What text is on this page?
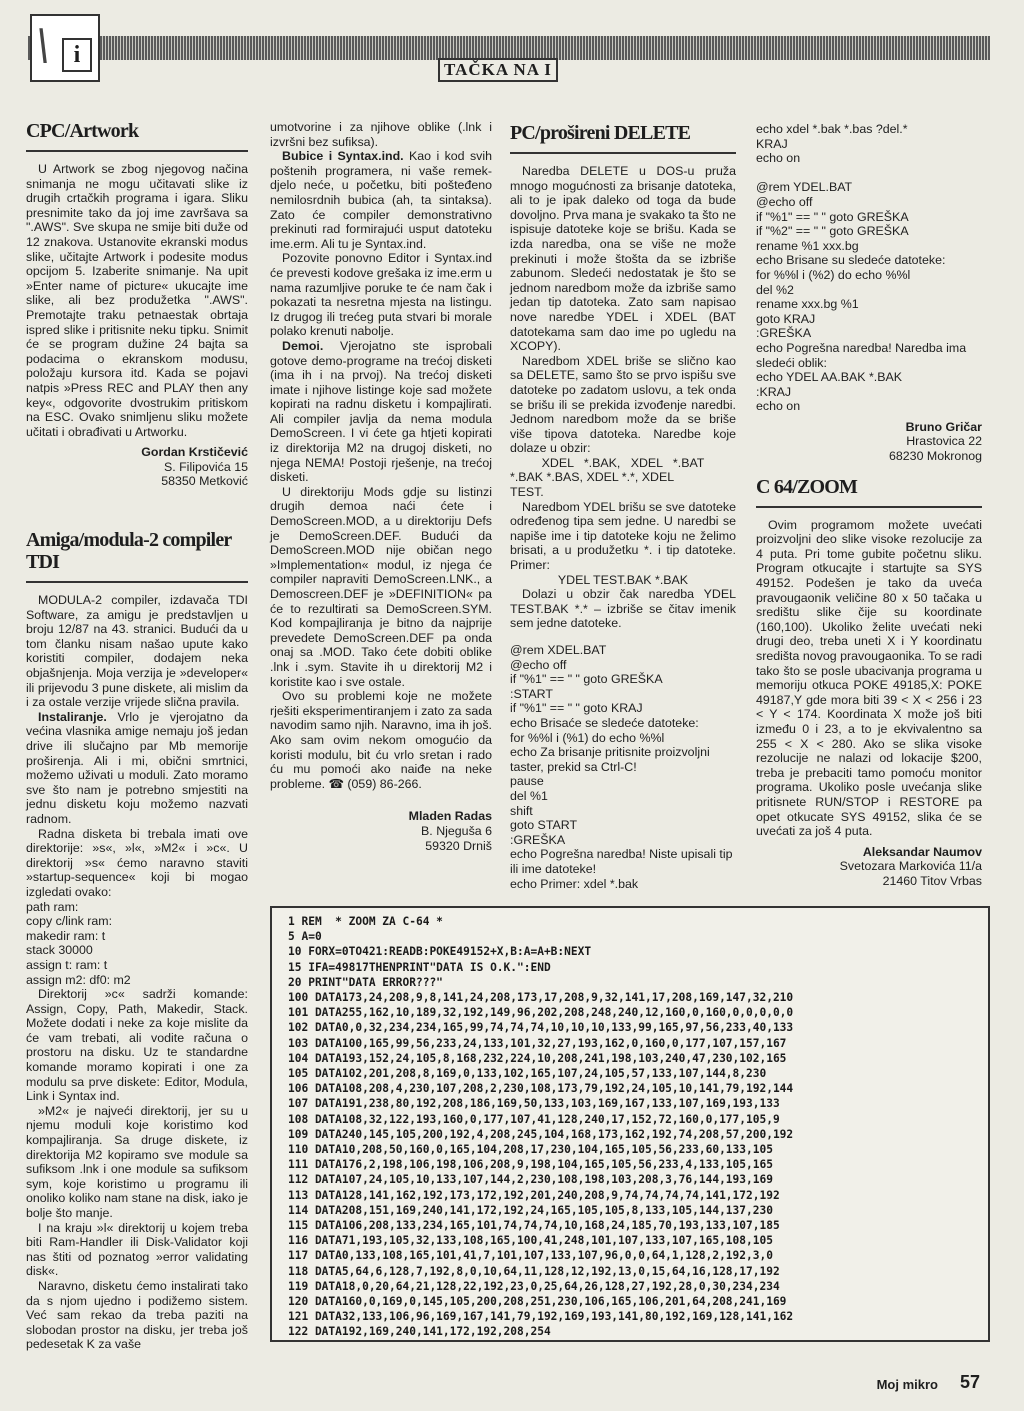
\ i
TAČKA NA I
CPC/Artwork

U Artwork se zbog njegovog načina snimanja ne mogu učitavati slike iz drugih crtačkih programa i igara. Sliku presnimite tako da joj ime završava sa ".AWS". Sve skupa ne smije biti duže od 12 znakova. Ustanovite ekranski modus slike, učitajte Artwork i podesite modus opcijom 5. Izaberite snimanje. Na upit »Enter name of picture« ukucajte ime slike, ali bez produžetka ".AWS". Premotajte traku petnaestak obrtaja ispred slike i pritisnite neku tipku. Snimit će se program dužine 24 bajta sa podacima o ekranskom modusu, položaju kursora itd. Kada se pojavi natpis »Press REC and PLAY then any key«, odgovorite dvostrukim pritiskom na ESC. Ovako snimljenu sliku možete učitati i obrađivati u Artworku.

Gordan Krstičević
S. Filipovića 15
58350 Metković
Amiga/modula-2 compiler TDI

MODULA-2 compiler, izdavača TDI Software, za amigu je predstavljen u broju 12/87 na 43. stranici. Budući da u tom članku nisam našao upute kako koristiti compiler, dodajem neka objašnjenja. Moja verzija je »developer« ili prijevodu 3 pune diskete, ali mislim da i za ostale verzije vrijede slična pravila.

Instaliranje. Vrlo je vjerojatno da većina vlasnika amige nemaju još jedan drive ili slučajno par Mb memorije proširenja. Ali i mi, obični smrtnici, možemo uživati u moduli. Zato moramo sve što nam je potrebno smjestiti na jednu disketu koju možemo nazvati radnom.

Radna disketa bi trebala imati ove direktorije: »s«, »l«, »M2« i »c«. U direktorij »s« ćemo naravno staviti »startup-sequence« koji bi mogao izgledati ovako:

path ram:
copy c/link ram:
makedir ram: t
stack 30000
assign t: ram: t
assign m2: df0: m2

Direktorij »c« sadrži komande: Assign, Copy, Path, Makedir, Stack. Možete dodati i neke za koje mislite da će vam trebati, ali vodite računa o prostoru na disku. Uz te standardne komande moramo kopirati i one za modulu sa prve diskete: Editor, Modula, Link i Syntax ind.

»M2« je najveći direktorij, jer su u njemu moduli koje koristimo kod kompajliranja. Sa druge diskete, iz direktorija M2 kopiramo sve module sa sufiksom .lnk i one module sa sufiksom sym, koje koristimo u programu ili onoliko koliko nam stane na disk, iako je bolje što manje.

I na kraju »l« direktorij u kojem treba biti Ram-Handler ili Disk-Validator koji nas štiti od poznatog »error validating disk«.

Naravno, disketu ćemo instalirati tako da s njom ujedno i podižemo sistem. Već sam rekao da treba paziti na slobodan prostor na disku, jer treba još pedesetak K za vaše

umotvorine i za njihove oblike (.lnk i izvršni bez sufiksa).

Bubice i Syntax.ind. Kao i kod svih poštenih programera, ni vaše remek-djelo neće, u početku, biti pošteđeno nemilosrdnih bubica (ah, ta sintaksa). Zato će compiler demonstrativno prekinuti rad formirajući usput datoteku ime.erm. Ali tu je Syntax.ind.

Pozovite ponovno Editor i Syntax.ind će prevesti kodove grešaka iz ime.erm u nama razumljive poruke te će nam čak i pokazati ta nesretna mjesta na listingu. Iz drugog ili trećeg puta stvari bi morale polako krenuti nabolje.

Demoi. Vjerojatno ste isprobali gotove demo-programe na trećoj disketi (ima ih i na prvoj). Na trećoj disketi imate i njihove listinge koje sad možete kopirati na radnu disketu i kompajlirati. Ali compiler javlja da nema modula DemoScreen. I vi ćete ga htjeti kopirati iz direktorija M2 na drugoj disketi, no njega NEMA! Postoji rješenje, na trećoj disketi.

U direktoriju Mods gdje su listinzi drugih demoa naći ćete i DemoScreen.MOD, a u direktoriju Defs je DemoScreen.DEF. Budući da DemoScreen.MOD nije običan nego »Implementation« modul, iz njega će compiler napraviti DemoScreen.LNK., a Demoscreen.DEF je »DEFINITION« pa će to rezultirati sa DemoScreen.SYM. Kod kompajliranja je bitno da najprije prevedete DemoScreen.DEF pa onda onaj sa .MOD. Tako ćete dobiti oblike .lnk i .sym. Stavite ih u direktorij M2 i koristite kao i sve ostale.

Ovo su problemi koje ne možete rješiti eksperimentiranjem i zato za sada navodim samo njih. Naravno, ima ih još. Ako sam ovim nekom omogućio da koristi modulu, bit ću vrlo sretan i rado ću mu pomoći ako naiđe na neke probleme. ☎ (059) 86-266.

Mladen Radas
B. Njeguša 6
59320 Drniš
PC/prošireni DELETE

Naredba DELETE u DOS-u pruža mnogo mogućnosti za brisanje datoteka, ali to je ipak daleko od toga da bude dovoljno. Prva mana je svakako ta što ne ispisuje datoteke koje se brišu. Kada se izda naredba, ona se više ne može prekinuti i može štošta da se izbriše zabunom. Sledeći nedostatak je što se jednom naredbom može da izbriše samo jedan tip datoteka. Zato sam napisao nove naredbe YDEL i XDEL (BAT datotekama sam dao ime po ugledu na XCOPY).

Naredbom XDEL briše se slično kao sa DELETE, samo što se prvo ispišu sve datoteke po zadatom uslovu, a tek onda se brišu ili se prekida izvođenje naredbi. Jednom naredbom može da se briše više tipova datoteka. Naredbe koje dolaze u obzir:

XDEL   *.BAK,   XDEL   *.BAT

*.BAK *.BAS, XDEL *.*, XDEL

TEST.

Naredbom YDEL brišu se sve datoteke određenog tipa sem jedne. U naredbi se napiše ime i tip datoteke koju ne želimo brisati, a u produžetku *. i tip datoteke. Primer:

YDEL TEST.BAK *.BAK

Dolazi u obzir čak naredba YDEL TEST.BAK *.* – izbriše se čitav imenik sem jedne datoteke.

@rem XDEL.BAT
@echo off
if "%1" == " " goto GREŠKA
:START
if "%1" == " " goto KRAJ
echo Brisaće se sledeće datoteke:
for %%l i (%1) do echo %%l
echo Za brisanje pritisnite proizvoljni taster, prekid sa Ctrl-C!
pause
del %1
shift
goto START
:GREŠKA
echo Pogrešna naredba! Niste upisali tip ili ime datoteke!
echo Primer: xdel *.bak

echo xdel *.bak *.bas ?del.*
KRAJ
echo on

@rem YDEL.BAT
@echo off
if "%1" == " " goto GREŠKA
if "%2" == " " goto GREŠKA
rename %1 xxx.bg
echo Brisane su sledeće datoteke:
for %%l i (%2) do echo %%l
del %2
rename xxx.bg %1
goto KRAJ
:GREŠKA
echo Pogrešna naredba! Naredba ima sledeći oblik:
echo YDEL AA.BAK *.BAK
:KRAJ
echo on

Bruno Gričar
Hrastovica 22
68230 Mokronog
C 64/ZOOM

Ovim programom možete uvećati proizvoljni deo slike visoke rezolucije za 4 puta. Pri tome gubite početnu sliku. Program otkucajte i startujte sa SYS 49152. Podešen je tako da uveća pravougaonik veličine 80 x 50 tačaka u središtu slike čije su koordinate (160,100). Ukoliko želite uvećati neki drugi deo, treba uneti X i Y koordinatu središta novog pravougaonika. To se radi tako što se posle ubacivanja programa u memoriju otkuca POKE 49185,X: POKE 49187,Y gde mora biti 39 < X < 256 i 23 < Y < 174. Koordinata X može još biti između 0 i 23, a to je ekvivalentno sa 255 < X < 280. Ako se slika visoke rezolucije ne nalazi od lokacije $200, treba je prebaciti tamo pomoću monitor programa. Ukoliko posle uvećanja slike pritisnete RUN/STOP i RESTORE pa opet otkucate SYS 49152, slika će se uvećati za još 4 puta.

Aleksandar Naumov
Svetozara Markovića 11/a
21460 Titov Vrbas
1 REM  * ZOOM ZA C-64 *
5 A=0
10 FORX=0TO421:READB:POKE49152+X,B:A=A+B:NEXT
15 IFA=49817THENPRINT"DATA IS O.K.":END
20 PRINT"DATA ERROR???"
100 DATA173,24,208,9,8,141,24,208,173,17,208,9,32,141,17,208,169,147,32,210
101 DATA255,162,10,189,32,192,149,96,202,208,248,240,12,160,0,160,0,0,0,0,0
102 DATA0,0,32,234,234,165,99,74,74,74,10,10,10,133,99,165,97,56,233,40,133
103 DATA100,165,99,56,233,24,133,101,32,27,193,162,0,160,0,177,107,157,167
104 DATA193,152,24,105,8,168,232,224,10,208,241,198,103,240,47,230,102,165
105 DATA102,201,208,8,169,0,133,102,165,107,24,105,57,133,107,144,8,230
106 DATA108,208,4,230,107,208,2,230,108,173,79,192,24,105,10,141,79,192,144
107 DATA191,238,80,192,208,186,169,50,133,103,169,167,133,107,169,193,133
108 DATA108,32,122,193,160,0,177,107,41,128,240,17,152,72,160,0,177,105,9
109 DATA240,145,105,200,192,4,208,245,104,168,173,162,192,74,208,57,200,192
110 DATA10,208,50,160,0,165,104,208,17,230,104,165,105,56,233,60,133,105
111 DATA176,2,198,106,198,106,208,9,198,104,165,105,56,233,4,133,105,165
112 DATA107,24,105,10,133,107,144,2,230,108,198,103,208,3,76,144,193,169
113 DATA128,141,162,192,173,172,192,201,240,208,9,74,74,74,74,141,172,192
114 DATA208,151,169,240,141,172,192,24,165,105,105,8,133,105,144,137,230
115 DATA106,208,133,234,165,101,74,74,74,10,168,24,185,70,193,133,107,185
116 DATA71,193,105,32,133,108,165,100,41,248,101,107,133,107,165,108,105
117 DATA0,133,108,165,101,41,7,101,107,133,107,96,0,0,64,1,128,2,192,3,0
118 DATA5,64,6,128,7,192,8,0,10,64,11,128,12,192,13,0,15,64,16,128,17,192
119 DATA18,0,20,64,21,128,22,192,23,0,25,64,26,128,27,192,28,0,30,234,234
120 DATA160,0,169,0,145,105,200,208,251,230,106,165,106,201,64,208,241,169
121 DATA32,133,106,96,169,167,141,79,192,169,193,141,80,192,169,128,141,162
122 DATA192,169,240,141,172,192,208,254
Moj mikro 57
